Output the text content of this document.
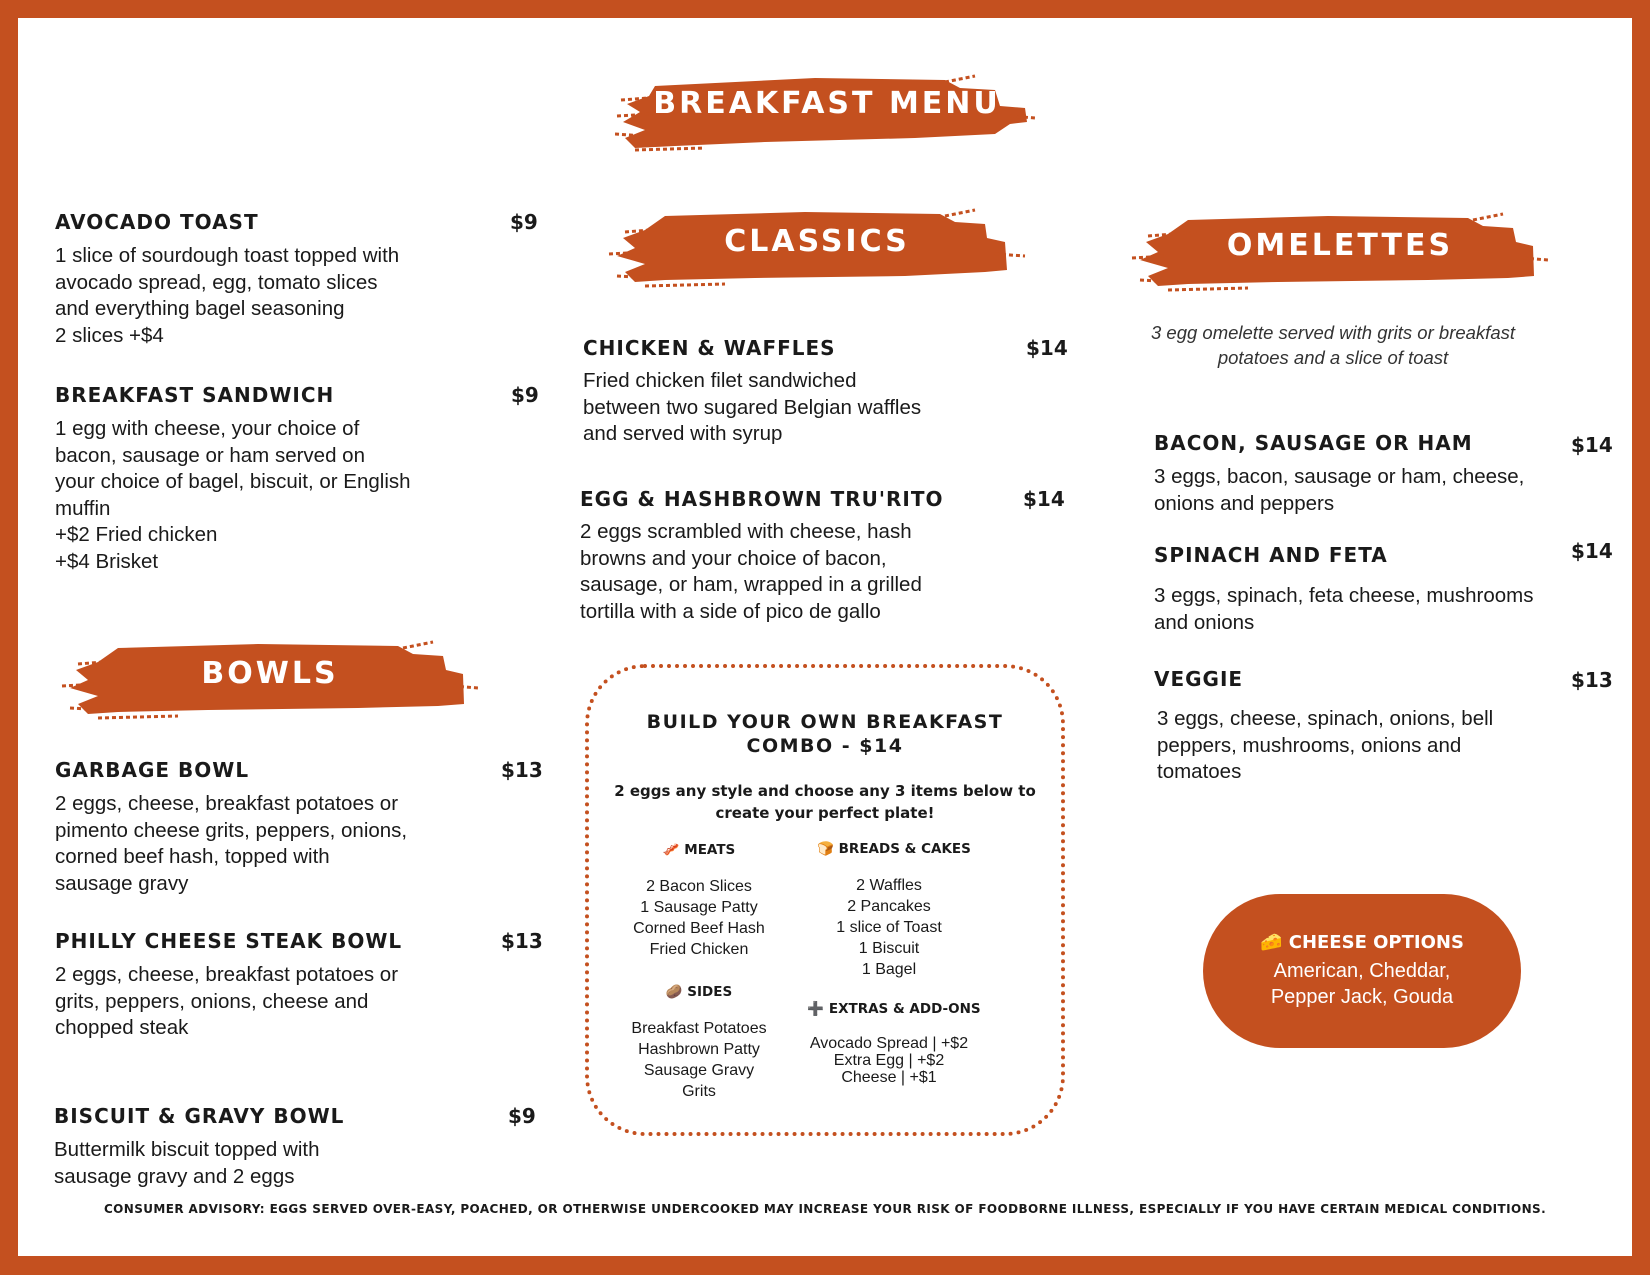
BREAKFAST MENU
CLASSICS	OMELETTES
BOWLS
AVOCADO TOAST	$9
1 slice of sourdough toast topped with
avocado spread, egg, tomato slices
and everything bagel seasoning
2 slices +$4
BREAKFAST SANDWICH	$9
1 egg with cheese, your choice of
bacon, sausage or ham served on
your choice of bagel, biscuit, or English
muffin
+$2 Fried chicken
+$4 Brisket
GARBAGE BOWL	$13
2 eggs, cheese, breakfast potatoes or
pimento cheese grits, peppers, onions,
corned beef hash, topped with
sausage gravy
PHILLY CHEESE STEAK BOWL	$13
2 eggs, cheese, breakfast potatoes or
grits, peppers, onions, cheese and
chopped steak
BISCUIT & GRAVY BOWL	$9
Buttermilk biscuit topped with
sausage gravy and 2 eggs
CHICKEN & WAFFLES	$14
Fried chicken filet sandwiched
between two sugared Belgian waffles
and served with syrup
EGG & HASHBROWN TRU'RITO	$14
2 eggs scrambled with cheese, hash
browns and your choice of bacon,
sausage, or ham, wrapped in a grilled
tortilla with a side of pico de gallo
BUILD YOUR OWN BREAKFAST
COMBO - $14
2 eggs any style and choose any 3 items below to
create your perfect plate!
🥓 MEATS
2 Bacon Slices
1 Sausage Patty
Corned Beef Hash
Fried Chicken
🥔 SIDES
Breakfast Potatoes
Hashbrown Patty
Sausage Gravy
Grits
🍞 BREADS & CAKES
2 Waffles
2 Pancakes
1 slice of Toast
1 Biscuit
1 Bagel
➕ EXTRAS & ADD-ONS
Avocado Spread | +$2
Extra Egg | +$2
Cheese | +$1
3 egg omelette served with grits or breakfast
potatoes and a slice of toast
BACON, SAUSAGE OR HAM	$14
3 eggs, bacon, sausage or ham, cheese,
onions and peppers
SPINACH AND FETA	$14
3 eggs, spinach, feta cheese, mushrooms
and onions
VEGGIE	$13
3 eggs, cheese, spinach, onions, bell
peppers, mushrooms, onions and
tomatoes
🧀 CHEESE OPTIONS
American, Cheddar,
Pepper Jack, Gouda
CONSUMER ADVISORY: EGGS SERVED OVER-EASY, POACHED, OR OTHERWISE UNDERCOOKED MAY INCREASE YOUR RISK OF FOODBORNE ILLNESS, ESPECIALLY IF YOU HAVE CERTAIN MEDICAL CONDITIONS.
